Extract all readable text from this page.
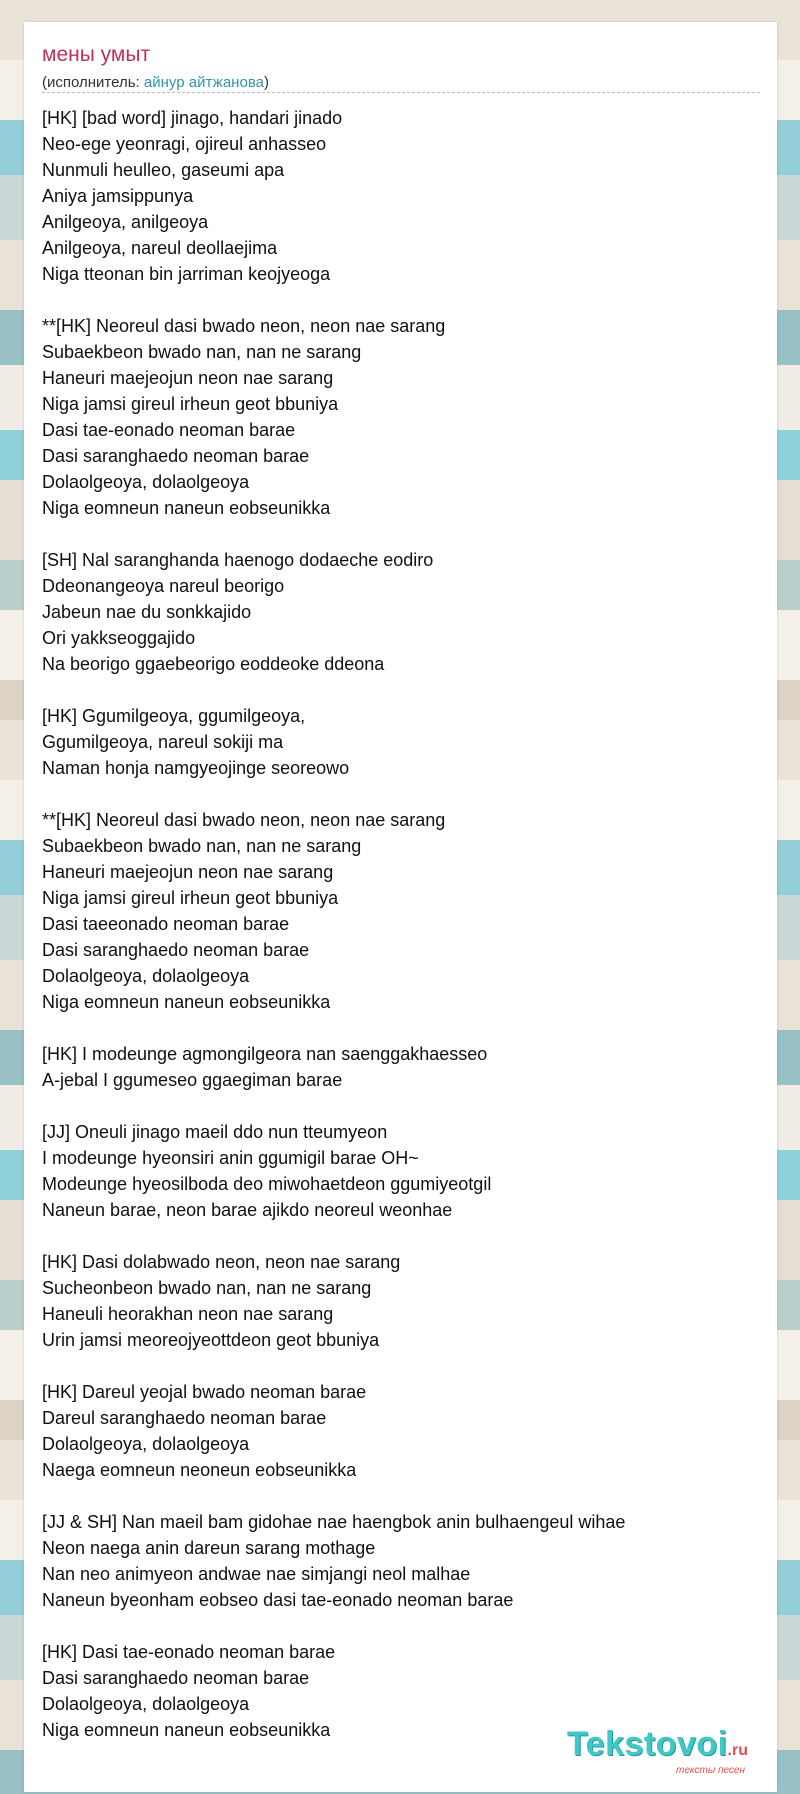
мены умыт
(исполнитель: айнур айтжанова)
[HK] [bad word] jinago, handari jinado
Neo-ege yeonragi, ojireul anhasseo
Nunmuli heulleo, gaseumi apa
Aniya jamsippunya
Anilgeoya, anilgeoya
Anilgeoya, nareul deollaejima
Niga tteonan bin jarriman keojyeoga
**[HK] Neoreul dasi bwado neon, neon nae sarang
Subaekbeon bwado nan, nan ne sarang
Haneuri maejeojun neon nae sarang
Niga jamsi gireul irheun geot bbuniya
Dasi tae-eonado neoman barae
Dasi saranghaedo neoman barae
Dolaolgeoya, dolaolgeoya
Niga eomneun naneun eobseunikka
[SH] Nal saranghanda haenogo dodaeche eodiro
Ddeonangeoya nareul beorigo
Jabeun nae du sonkkajido
Ori yakkseoggajido
Na beorigo ggaebeorigo eoddeoke ddeona
[HK] Ggumilgeoya, ggumilgeoya,
Ggumilgeoya, nareul sokiji ma
Naman honja namgyeojinge seoreowo
**[HK] Neoreul dasi bwado neon, neon nae sarang
Subaekbeon bwado nan, nan ne sarang
Haneuri maejeojun neon nae sarang
Niga jamsi gireul irheun geot bbuniya
Dasi taeeonado neoman barae
Dasi saranghaedo neoman barae
Dolaolgeoya, dolaolgeoya
Niga eomneun naneun eobseunikka
[HK] I modeunge agmongilgeora nan saenggakhaesseo
A-jebal I ggumeseo ggaegiman barae
[JJ] Oneuli jinago maeil ddo nun tteumyeon
I modeunge hyeonsiri anin ggumigil barae OH~
Modeunge hyeosilboda deo miwohaetdeon ggumiyeotgil
Naneun barae, neon barae ajikdo neoreul weonhae
[HK] Dasi dolabwado neon, neon nae sarang
Sucheonbeon bwado nan, nan ne sarang
Haneuli heorakhan neon nae sarang
Urin jamsi meoreojyeottdeon geot bbuniya
[HK] Dareul yeojal bwado neoman barae
Dareul saranghaedo neoman barae
Dolaolgeoya, dolaolgeoya
Naega eomneun neoneun eobseunikka
[JJ & SH] Nan maeil bam gidohae nae haengbok anin bulhaengeul wihae
Neon naega anin dareun sarang mothage
Nan neo animyeon andwae nae simjangi neol malhae
Naneun byeonham eobseo dasi tae-eonado neoman barae
[HK] Dasi tae-eonado neoman barae
Dasi saranghaedo neoman barae
Dolaolgeoya, dolaolgeoya
Niga eomneun naneun eobseunikka	Tekstovoi.ru
тексты песен
